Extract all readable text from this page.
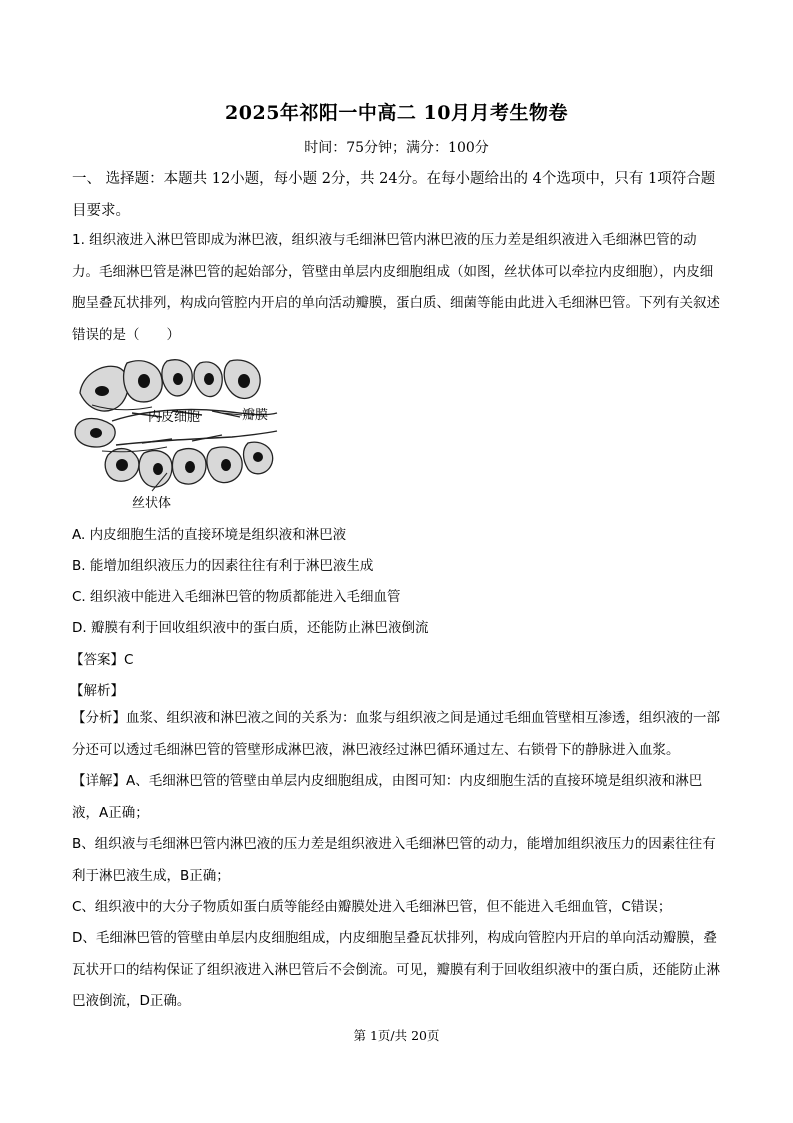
2025年祁阳一中高二 10月月考生物卷
时间：75分钟；满分：100分
一、 选择题：本题共 12小题，每小题 2分，共 24分。在每小题给出的 4个选项中，只有 1项符合题目要求。
1. 组织液进入淋巴管即成为淋巴液，组织液与毛细淋巴管内淋巴液的压力差是组织液进入毛细淋巴管的动力。毛细淋巴管是淋巴管的起始部分，管壁由单层内皮细胞组成（如图，丝状体可以牵拉内皮细胞），内皮细胞呈叠瓦状排列，构成向管腔内开启的单向活动瓣膜，蛋白质、细菌等能由此进入毛细淋巴管。下列有关叙述错误的是（　　）
内皮细胞	瓣膜
丝状体
A. 内皮细胞生活的直接环境是组织液和淋巴液
B. 能增加组织液压力的因素往往有利于淋巴液生成
C. 组织液中能进入毛细淋巴管的物质都能进入毛细血管
D. 瓣膜有利于回收组织液中的蛋白质，还能防止淋巴液倒流
【答案】C
【解析】
【分析】血浆、组织液和淋巴液之间的关系为：血浆与组织液之间是通过毛细血管壁相互渗透，组织液的一部分还可以透过毛细淋巴管的管壁形成淋巴液，淋巴液经过淋巴循环通过左、右锁骨下的静脉进入血浆。
【详解】A、毛细淋巴管的管壁由单层内皮细胞组成，由图可知：内皮细胞生活的直接环境是组织液和淋巴液，A正确；
B、组织液与毛细淋巴管内淋巴液的压力差是组织液进入毛细淋巴管的动力，能增加组织液压力的因素往往有利于淋巴液生成，B正确；
C、组织液中的大分子物质如蛋白质等能经由瓣膜处进入毛细淋巴管，但不能进入毛细血管，C错误；
D、毛细淋巴管的管壁由单层内皮细胞组成，内皮细胞呈叠瓦状排列，构成向管腔内开启的单向活动瓣膜，叠瓦状开口的结构保证了组织液进入淋巴管后不会倒流。可见，瓣膜有利于回收组织液中的蛋白质，还能防止淋巴液倒流，D正确。
第 1页/共 20页
